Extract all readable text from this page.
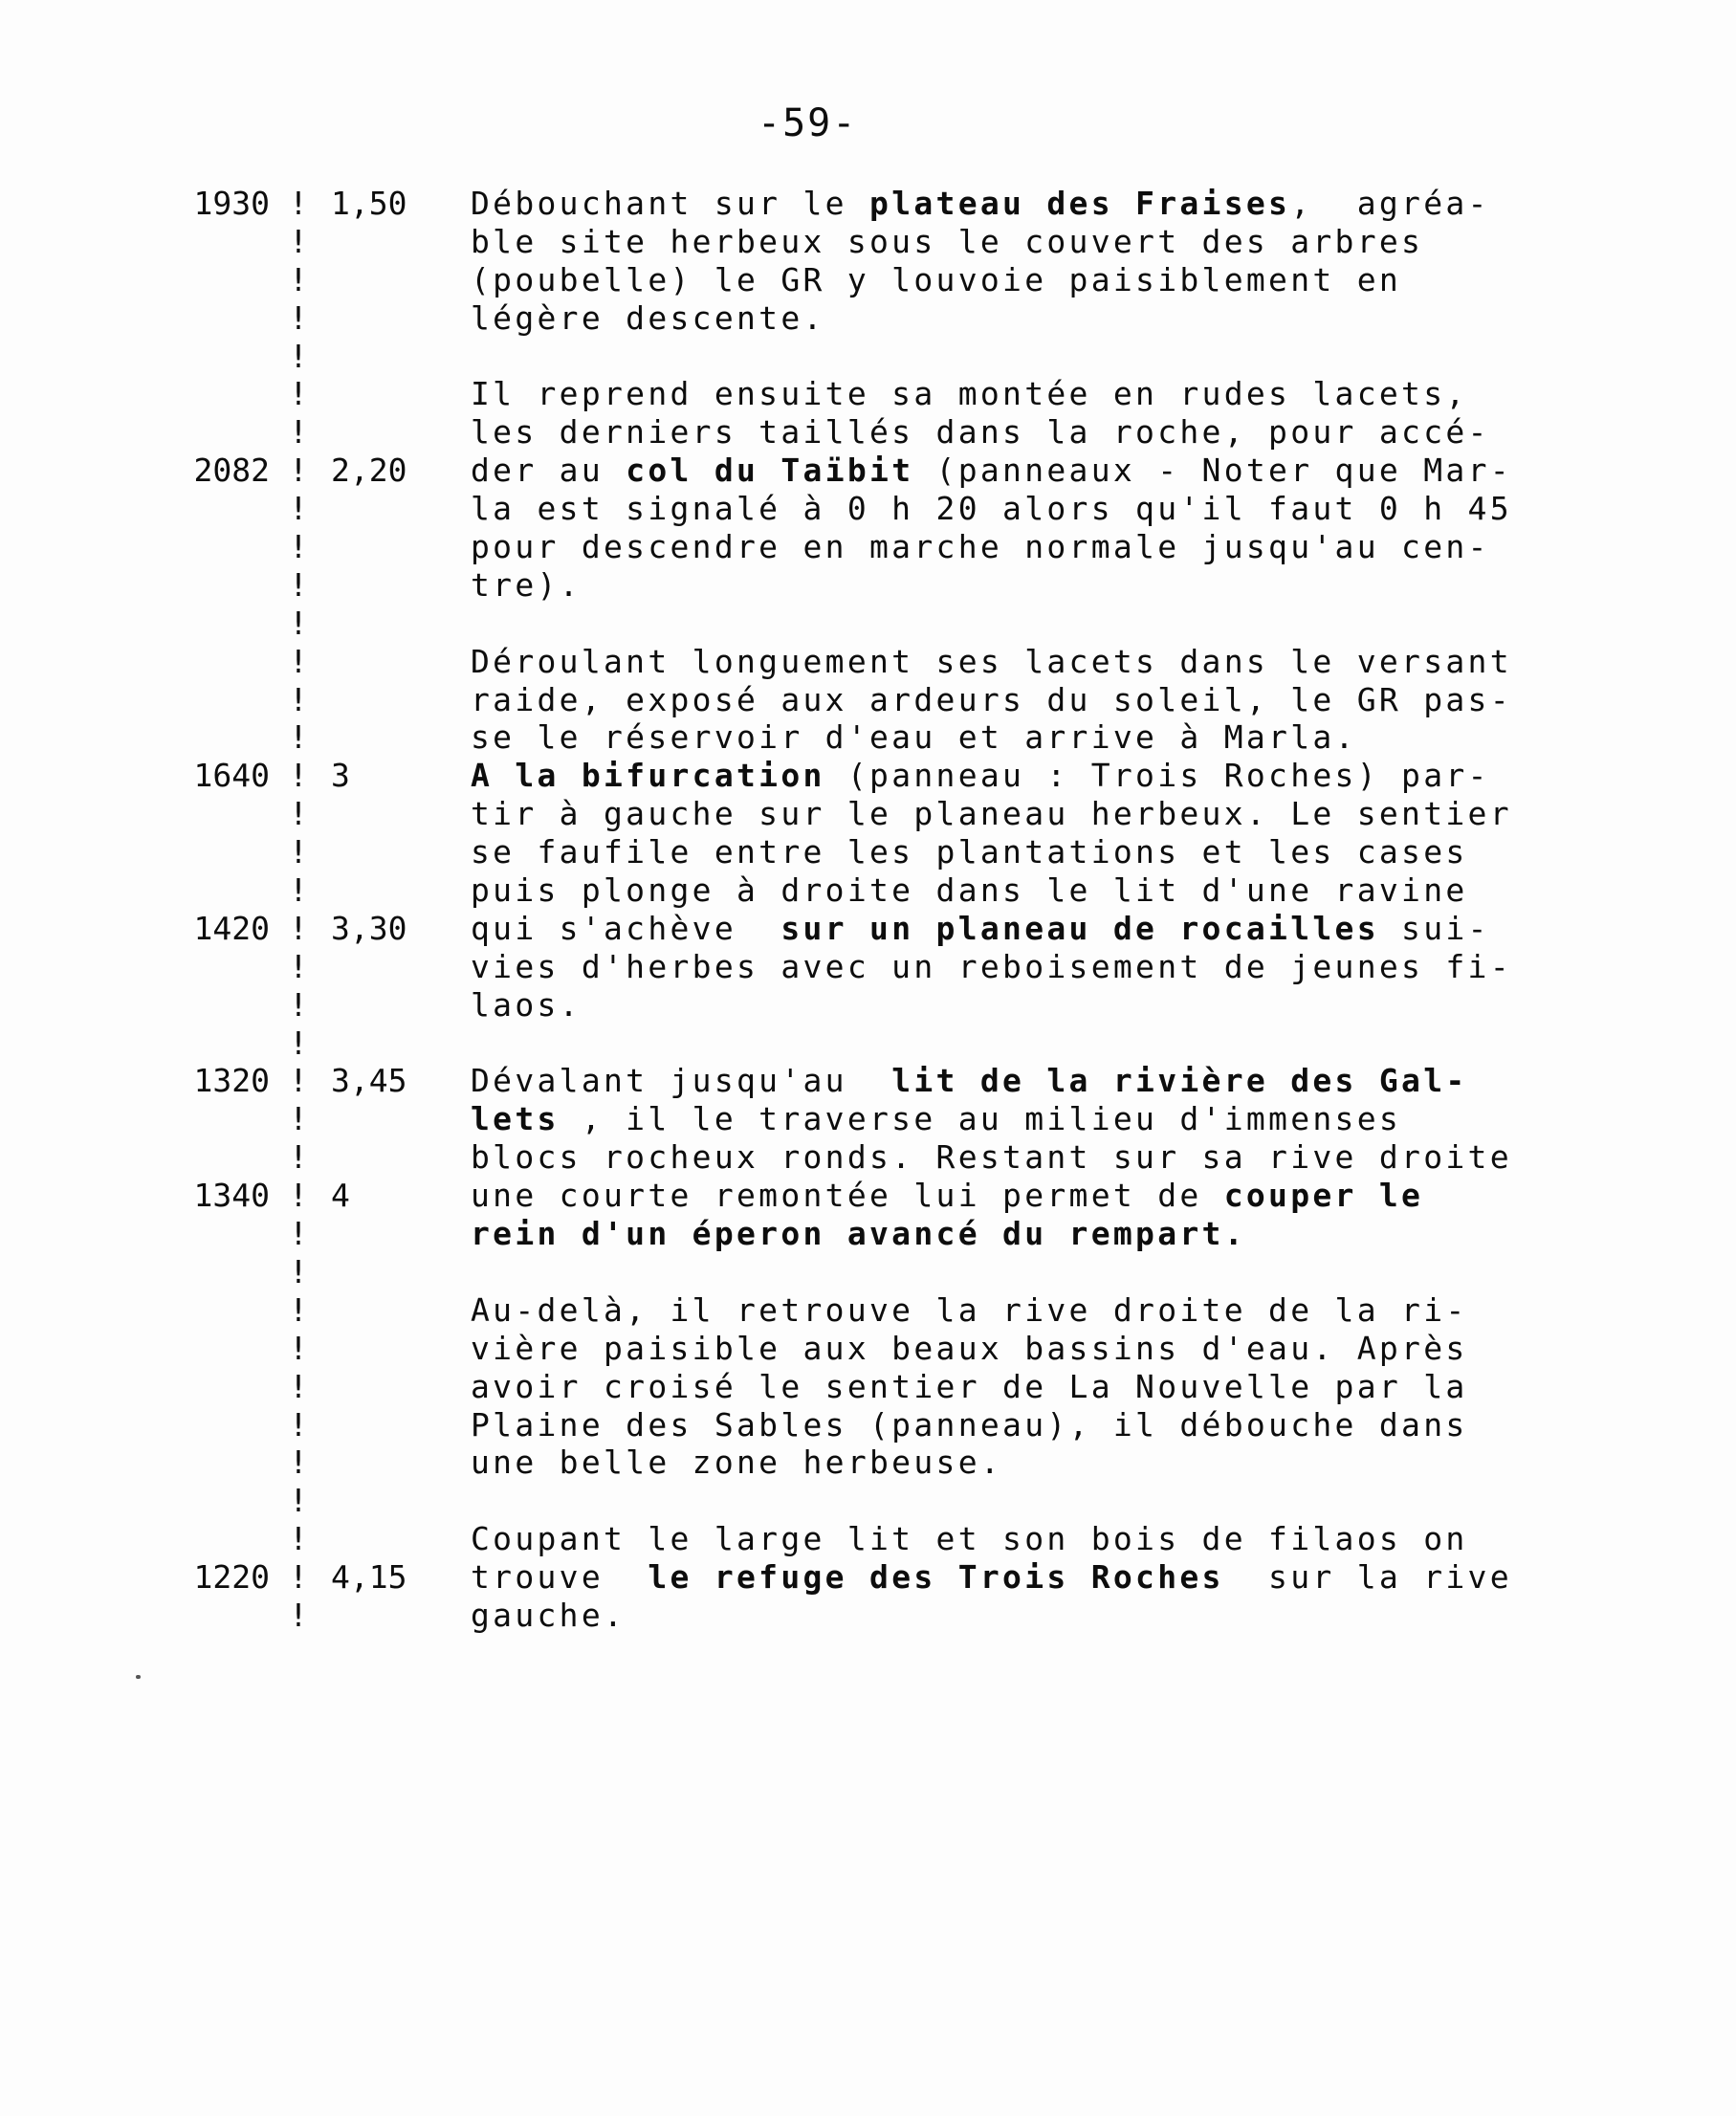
-59-
1930 ! 1,50	Débouchant sur le plateau des Fraises,  agréa-
!	ble site herbeux sous le couvert des arbres
!	(poubelle) le GR y louvoie paisiblement en
!	légère descente.
!
!	Il reprend ensuite sa montée en rudes lacets,
!	les derniers taillés dans la roche, pour accé-
2082 ! 2,20	der au col du Taïbit (panneaux - Noter que Mar-
!	la est signalé à 0 h 20 alors qu'il faut 0 h 45
!	pour descendre en marche normale jusqu'au cen-
!	tre).
!
!	Déroulant longuement ses lacets dans le versant
!	raide, exposé aux ardeurs du soleil, le GR pas-
!	se le réservoir d'eau et arrive à Marla.
1640 ! 3	A la bifurcation (panneau : Trois Roches) par-
!	tir à gauche sur le planeau herbeux. Le sentier
!	se faufile entre les plantations et les cases
!	puis plonge à droite dans le lit d'une ravine
1420 ! 3,30	qui s'achève  sur un planeau de rocailles sui-
!	vies d'herbes avec un reboisement de jeunes fi-
!	laos.
!
1320 ! 3,45	Dévalant jusqu'au  lit de la rivière des Gal-
!	lets , il le traverse au milieu d'immenses
!	blocs rocheux ronds. Restant sur sa rive droite
1340 ! 4	une courte remontée lui permet de couper le
!	rein d'un éperon avancé du rempart.
!
!	Au-delà, il retrouve la rive droite de la ri-
!	vière paisible aux beaux bassins d'eau. Après
!	avoir croisé le sentier de La Nouvelle par la
!	Plaine des Sables (panneau), il débouche dans
!	une belle zone herbeuse.
!
!	Coupant le large lit et son bois de filaos on
1220 ! 4,15	trouve  le refuge des Trois Roches  sur la rive
!	gauche.
